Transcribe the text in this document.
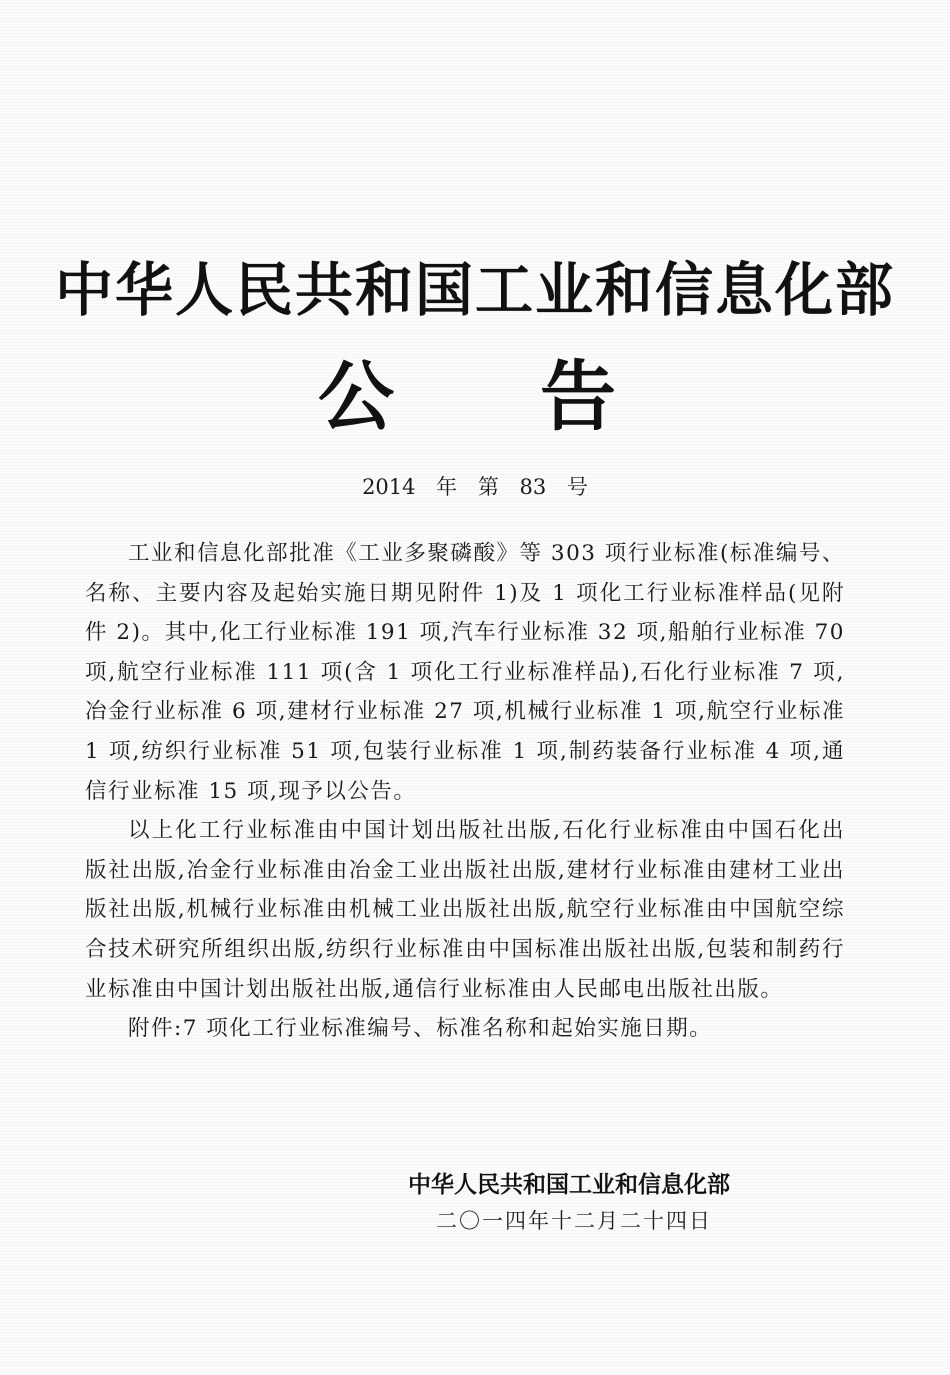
中华人民共和国工业和信息化部
公 告
2014 年 第 83 号

工业和信息化部批准《工业多聚磷酸》等 303 项行业标准(标准编号、名称、主要内容及起始实施日期见附件 1)及 1 项化工行业标准样品(见附件 2)。其中,化工行业标准 191 项,汽车行业标准 32 项,船舶行业标准 70 项,航空行业标准 111 项(含 1 项化工行业标准样品),石化行业标准 7 项,冶金行业标准 6 项,建材行业标准 27 项,机械行业标准 1 项,航空行业标准 1 项,纺织行业标准 51 项,包装行业标准 1 项,制药装备行业标准 4 项,通信行业标准 15 项,现予以公告。

以上化工行业标准由中国计划出版社出版,石化行业标准由中国石化出版社出版,冶金行业标准由冶金工业出版社出版,建材行业标准由建材工业出版社出版,机械行业标准由机械工业出版社出版,航空行业标准由中国航空综合技术研究所组织出版,纺织行业标准由中国标准出版社出版,包装和制药行业标准由中国计划出版社出版,通信行业标准由人民邮电出版社出版。

附件:7 项化工行业标准编号、标准名称和起始实施日期。

中华人民共和国工业和信息化部
二〇一四年十二月二十四日
